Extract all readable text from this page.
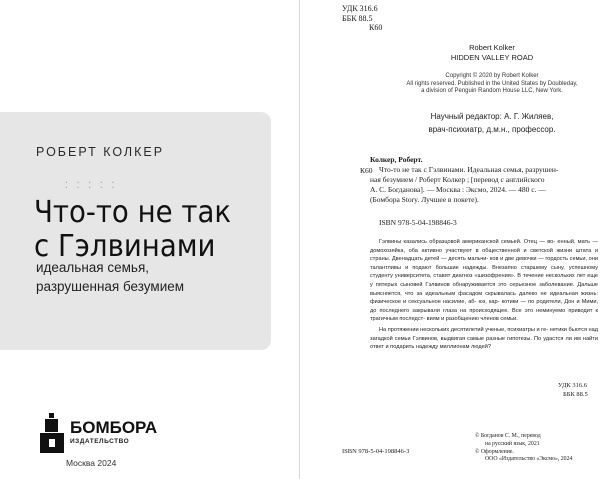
РОБЕРТ КОЛКЕР
. . . . .
. . . . .
Что-то не так
с Гэлвинами
идеальная семья,
разрушенная безумием
БОМБОРА
ИЗДАТЕЛЬСТВО
Москва 2024
УДК 316.6
ББК 88.5
К60
Robert Kolker
HIDDEN VALLEY ROAD
Copyright © 2020 by Robert Kolker
All rights reserved. Published in the United States by Doubleday,
a division of Penguin Random House LLC, New York.
Научный редактор: А. Г. Жиляев,
врач-психиатр, д.м.н., профессор.
К60
Колкер, Роберт.
Что-то не так с Гэлвинами. Идеальная семья, разрушен-
ная безумием / Роберт Колкер ; [перевод с английского
А. С. Богданова]. — Москва : Эксмо, 2024. — 480 с. —
(Бомбора Story. Лучшее в покете).
ISBN 978-5-04-198846-3

Гэлвины казались образцовой американской семьей. Отец — во- енный, мать — домохозяйка, оба активно участвуют в общественной и светской жизни штата и страны. Двенадцать детей — десять мальчи- ков и две девочки — гордость семьи, они талантливы и подают большие надежды. Внезапно старшему сыну, успешному студенту университета, ставят диагноз «шизофрения». В течение нескольких лет еще у пятерых сыновей Гэлвинов обнаруживается это серьезное заболевание. Дальше выясняется, что за идеальным фасадом скрывалась далеко не идеальная жизнь: физическое и сексуальное насилие, аб- юз, кар- котики — по родители, Дон и Мими, до последнего закрывали глаза на происходящее. Все это неминуемо приводит к трагичным последст- виям и разобщению членов семьи.

На протяжении нескольких десятилетий ученые, психиатры и ге- нетики бьются над загадкой семьи Гэлвинов, выдвигая самые разные гипотезы. По удастся ли им найти ответ и подарить надежду миллионам людей?

УДК 316.6
ББК 88.5
ISBN 978-5-04-198846-3
© Богданов С. М., перевод
на русский язык, 2021
© Оформление.
ООО «Издательство «Эксмо», 2024
